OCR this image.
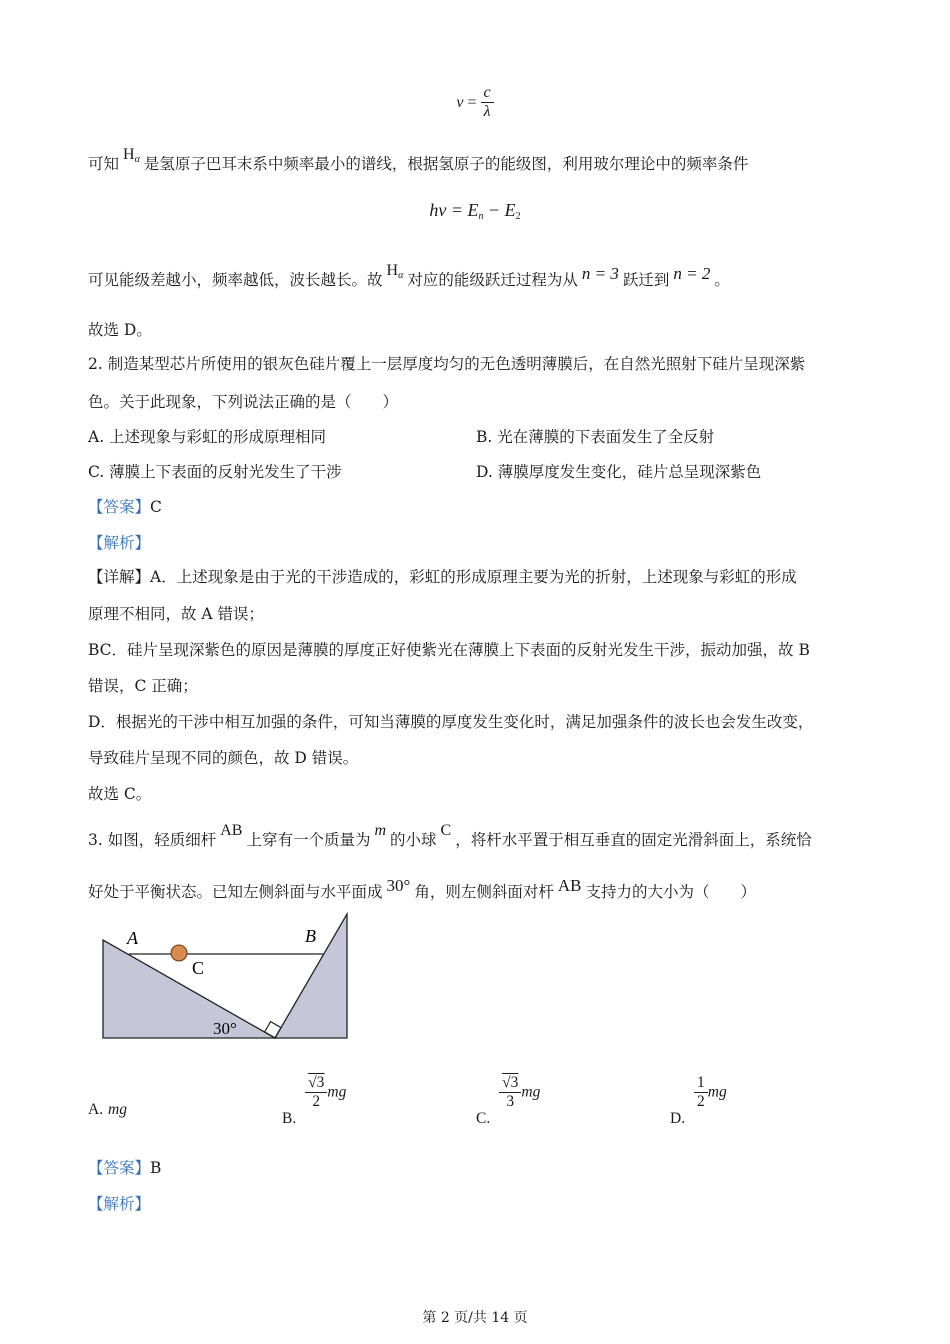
$\nu = \frac{c}{\lambda}$
可知$H_\alpha$ 是氢原子巴耳末系中频率最小的谱线，根据氢原子的能级图，利用玻尔理论中的频率条件
$h\nu = E_n - E_2$
可见能级差越小，频率越低，波长越长。故$H_\alpha$ 对应的能级跃迁过程为从 n = 3 跃迁到 n = 2 。
故选 D。
2. 制造某型芯片所使用的银灰色硅片覆上一层厚度均匀的无色透明薄膜后，在自然光照射下硅片呈现深紫
色。关于此现象，下列说法正确的是（　　）
A. 上述现象与彩虹的形成原理相同	B. 光在薄膜的下表面发生了全反射
C. 薄膜上下表面的反射光发生了干涉	D. 薄膜厚度发生变化，硅片总呈现深紫色
【答案】C
【解析】
【详解】A．上述现象是由于光的干涉造成的，彩虹的形成原理主要为光的折射，上述现象与彩虹的形成
原理不相同，故 A 错误；
BC．硅片呈现深紫色的原因是薄膜的厚度正好使紫光在薄膜上下表面的反射光发生干涉，振动加强，故 B
错误，C 正确；
D．根据光的干涉中相互加强的条件，可知当薄膜的厚度发生变化时，满足加强条件的波长也会发生改变，
导致硅片呈现不同的颜色，故 D 错误。
故选 C。
3. 如图，轻质细杆AB上穿有一个质量为m的小球C，将杆水平置于相互垂直的固定光滑斜面上，系统恰
好处于平衡状态。已知左侧斜面与水平面成 30° 角，则左侧斜面对杆 AB 支持力的大小为（　　）
A	B
C
30°
A. mg	B.
$\frac{√3}{2}$ mg
C.
$\frac{√3}{3}$ mg
D.
$\frac{1}{2}$ mg
【答案】B
【解析】
第 2 页/共 14 页
